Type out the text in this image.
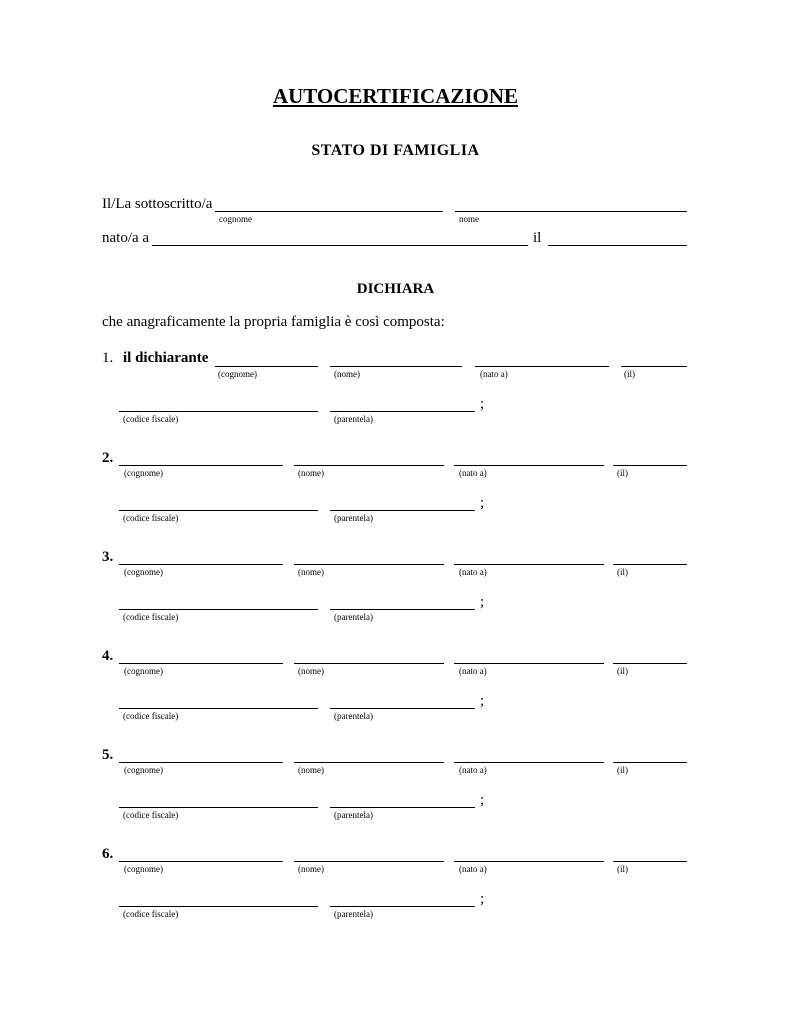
AUTOCERTIFICAZIONE
STATO DI FAMIGLIA
Il/La sottoscritto/a
cognome	nome
nato/a a	il
DICHIARA
che anagraficamente la propria famiglia è così composta:
1. il dichiarante
(cognome)	(nome)	(nato a)	(il)
(codice fiscale)	(parentela)
;
2.
(cognome)	(nome)	(nato a)	(il)
(codice fiscale)	(parentela)
;
3.
(cognome)	(nome)	(nato a)	(il)
(codice fiscale)	(parentela)
;
4.
(cognome)	(nome)	(nato a)	(il)
(codice fiscale)	(parentela)
;
5.
(cognome)	(nome)	(nato a)	(il)
(codice fiscale)	(parentela)
;
6.
(cognome)	(nome)	(nato a)	(il)
(codice fiscale)	(parentela)
;
